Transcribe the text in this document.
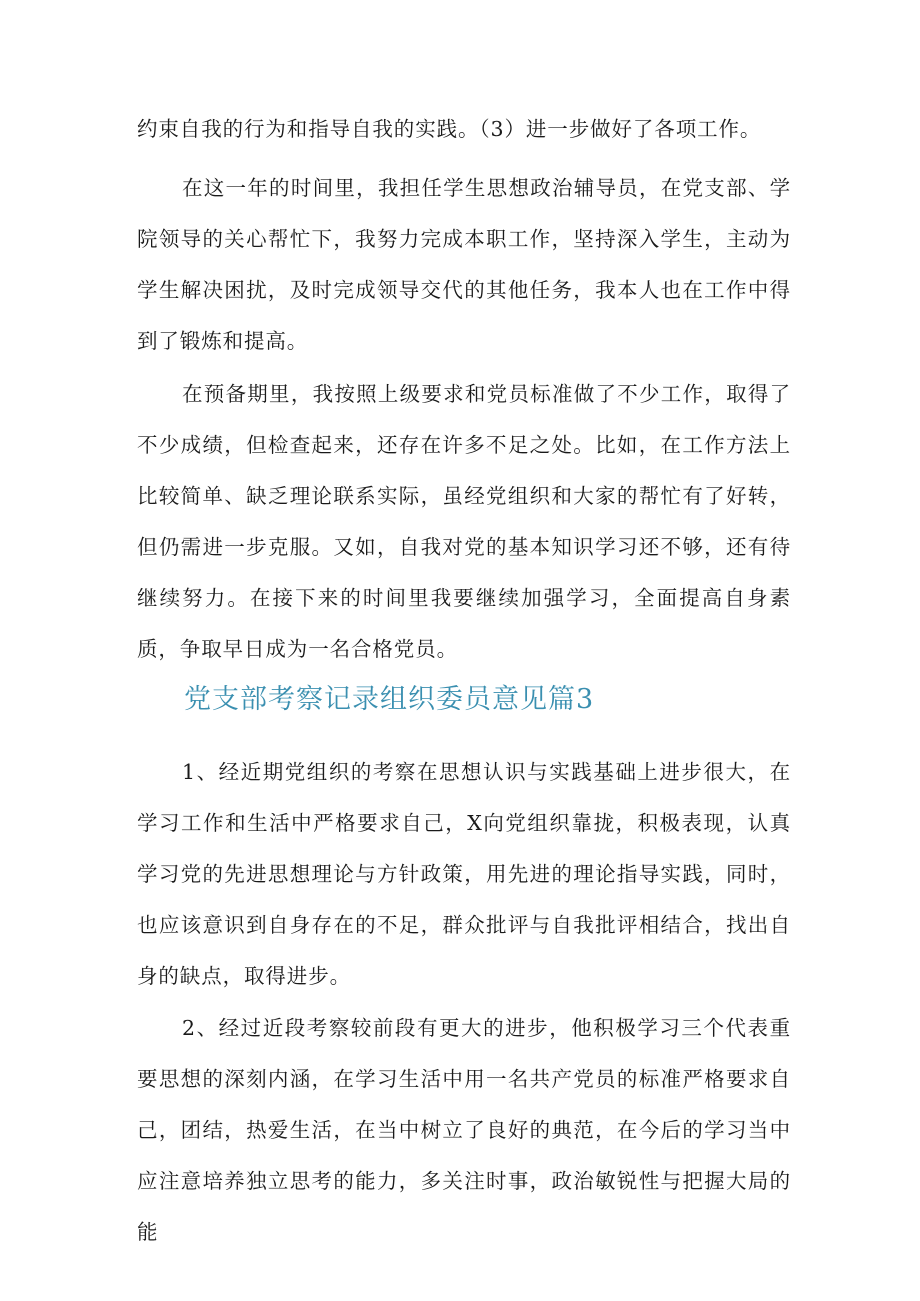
约束自我的行为和指导自我的实践。（3）进一步做好了各项工作。

在这一年的时间里，我担任学生思想政治辅导员，在党支部、学院领导的关心帮忙下，我努力完成本职工作，坚持深入学生，主动为学生解决困扰，及时完成领导交代的其他任务，我本人也在工作中得到了锻炼和提高。

在预备期里，我按照上级要求和党员标准做了不少工作，取得了不少成绩，但检查起来，还存在许多不足之处。比如，在工作方法上比较简单、缺乏理论联系实际，虽经党组织和大家的帮忙有了好转，但仍需进一步克服。又如，自我对党的基本知识学习还不够，还有待继续努力。在接下来的时间里我要继续加强学习，全面提高自身素质，争取早日成为一名合格党员。

党支部考察记录组织委员意见篇3

1、经近期党组织的考察在思想认识与实践基础上进步很大，在学习工作和生活中严格要求自己，X向党组织靠拢，积极表现，认真学习党的先进思想理论与方针政策，用先进的理论指导实践，同时，也应该意识到自身存在的不足，群众批评与自我批评相结合，找出自身的缺点，取得进步。

2、经过近段考察较前段有更大的进步，他积极学习三个代表重要思想的深刻内涵，在学习生活中用一名共产党员的标准严格要求自己，团结，热爱生活，在当中树立了良好的典范，在今后的学习当中应注意培养独立思考的能力，多关注时事，政治敏锐性与把握大局的能
